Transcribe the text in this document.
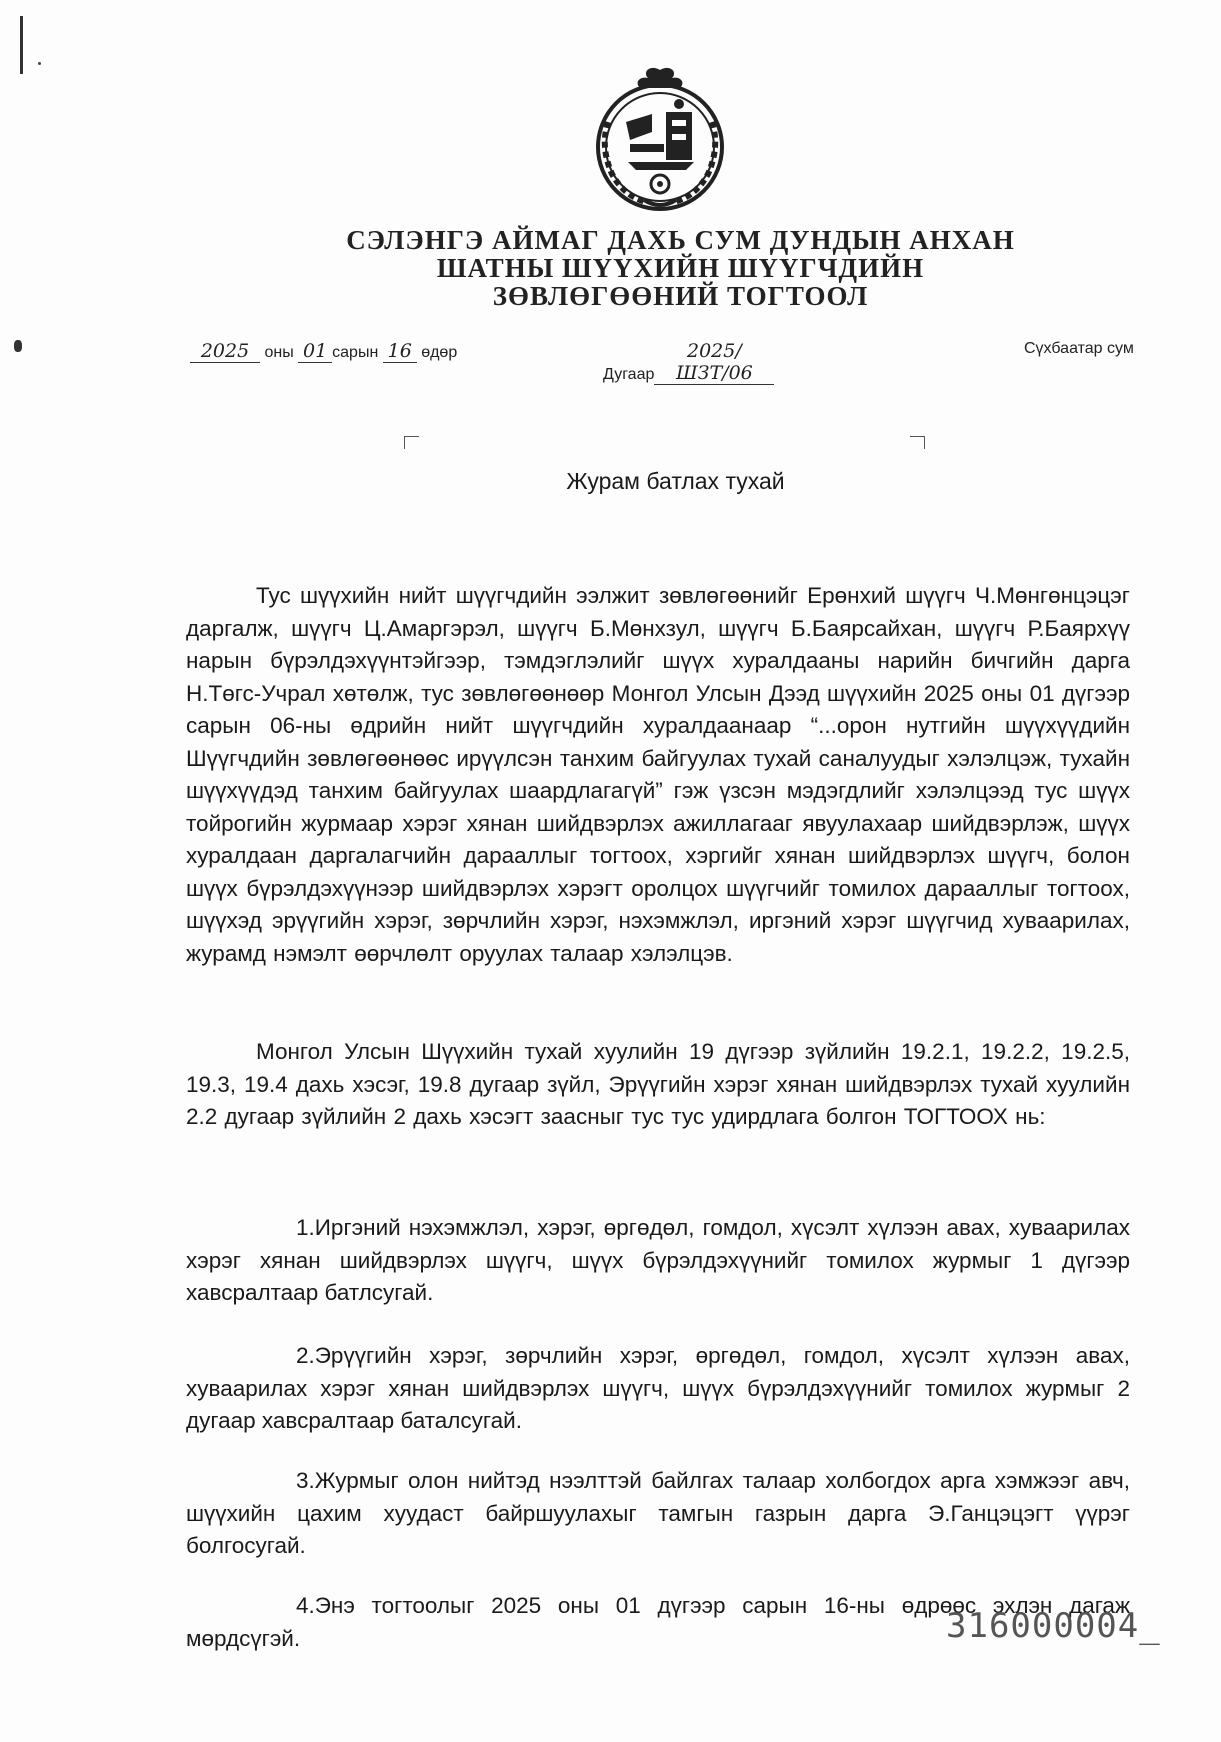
СЭЛЭНГЭ АЙМАГ ДАХЬ СУМ ДУНДЫН АНХАН
ШАТНЫ ШҮҮХИЙН ШҮҮГЧДИЙН
ЗӨВЛӨГӨӨНИЙ ТОГТООЛ
2025 оны 01 сарын 16 өдөр
Дугаар2025/ШЗТ/06
Сүхбаатар сум
Журам батлах тухай
Тус шүүхийн нийт шүүгчдийн ээлжит зөвлөгөөнийг Ерөнхий шүүгч Ч.Мөнгөнцэцэг даргалж, шүүгч Ц.Амаргэрэл, шүүгч Б.Мөнхзул, шүүгч Б.Баярсайхан, шүүгч Р.Баярхүү нарын бүрэлдэхүүнтэйгээр, тэмдэглэлийг шүүх хуралдааны нарийн бичгийн дарга Н.Төгс-Учрал хөтөлж, тус зөвлөгөөнөөр Монгол Улсын Дээд шүүхийн 2025 оны 01 дүгээр сарын 06-ны өдрийн нийт шүүгчдийн хуралдаанаар “...орон нутгийн шүүхүүдийн Шүүгчдийн зөвлөгөөнөөс ирүүлсэн танхим байгуулах тухай саналуудыг хэлэлцэж, тухайн шүүхүүдэд танхим байгуулах шаардлагагүй” гэж үзсэн мэдэгдлийг хэлэлцээд тус шүүх тойрогийн журмаар хэрэг хянан шийдвэрлэх ажиллагааг явуулахаар шийдвэрлэж, шүүх хуралдаан даргалагчийн дарааллыг тогтоох, хэргийг хянан шийдвэрлэх шүүгч, болон шүүх бүрэлдэхүүнээр шийдвэрлэх хэрэгт оролцох шүүгчийг томилох дарааллыг тогтоох, шүүхэд эрүүгийн хэрэг, зөрчлийн хэрэг, нэхэмжлэл, иргэний хэрэг шүүгчид хуваарилах, журамд нэмэлт өөрчлөлт оруулах талаар хэлэлцэв.
Монгол Улсын Шүүхийн тухай хуулийн 19 дүгээр зүйлийн 19.2.1, 19.2.2, 19.2.5, 19.3, 19.4 дахь хэсэг, 19.8 дугаар зүйл, Эрүүгийн хэрэг хянан шийдвэрлэх тухай хуулийн 2.2 дугаар зүйлийн 2 дахь хэсэгт заасныг тус тус удирдлага болгон ТОГТООХ нь:
1.Иргэний нэхэмжлэл, хэрэг, өргөдөл, гомдол, хүсэлт хүлээн авах, хуваарилах хэрэг хянан шийдвэрлэх шүүгч, шүүх бүрэлдэхүүнийг томилох журмыг 1 дүгээр хавсралтаар батлсугай.
2.Эрүүгийн хэрэг, зөрчлийн хэрэг, өргөдөл, гомдол, хүсэлт хүлээн авах, хуваарилах хэрэг хянан шийдвэрлэх шүүгч, шүүх бүрэлдэхүүнийг томилох журмыг 2 дугаар хавсралтаар баталсугай.
3.Журмыг олон нийтэд нээлттэй байлгах талаар холбогдох арга хэмжээг авч, шүүхийн цахим хуудаст байршуулахыг тамгын газрын дарга Э.Ганцэцэгт үүрэг болгосугай.
4.Энэ тогтоолыг 2025 оны 01 дүгээр сарын 16-ны өдрөөс эхлэн дагаж мөрдсүгэй.	316000004_
